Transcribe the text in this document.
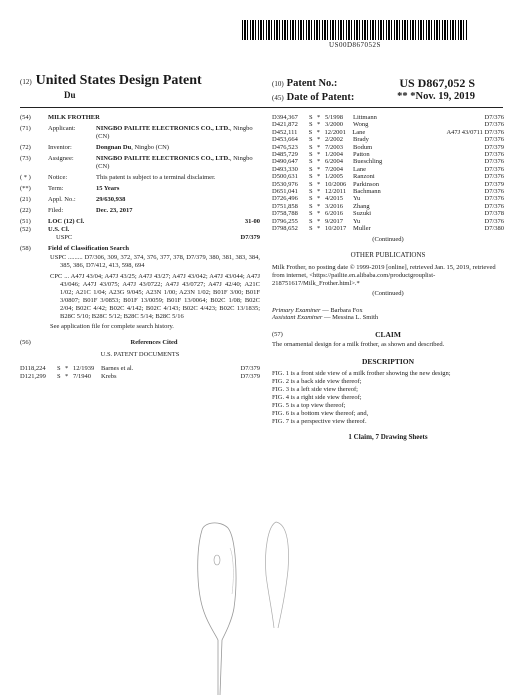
US00D867052S
(12) United States Design Patent
Du
(10) Patent No.:	US D867,052 S
(45) Date of Patent:	** *Nov. 19, 2019
(54)	MILK FROTHER
(71)	Applicant:	NINGBO PAILITE ELECTRONICS CO., LTD., Ningbo (CN)
(72)	Inventor:	Dongnan Du, Ningbo (CN)
(73)	Assignee:	NINGBO PAILITE ELECTRONICS CO., LTD., Ningbo (CN)
( * )	Notice:	This patent is subject to a terminal disclaimer.
(**)	Term:	15 Years
(21)	Appl. No.:	29/630,938
(22)	Filed:	Dec. 23, 2017
(51)	LOC (12) Cl.	31-00
(52)	U.S. Cl.
USPC	D7/379
(58)	Field of Classification Search
USPC ......... D7/306, 309, 372, 374, 376, 377, 378, D7/379, 380, 381, 383, 384, 385, 386, D7/412, 413, 598, 694
CPC ... A47J 43/04; A47J 43/25; A47J 43/27; A47J 43/042; A47J 43/044; A47J 43/046; A47J 43/075; A47J 43/0722; A47J 43/0727; A47J 42/40; A21C 1/02; A21C 1/04; A23G 9/045; A23N 1/00; A23N 1/02; B01F 3/00; B01F 3/0807; B01F 3/0853; B01F 13/0059; B01F 13/0064; B02C 1/08; B02C 2/04; B02C 4/42; B02C 4/142; B02C 4/143; B02C 4/423; B02C 13/1835; B28C 5/10; B28C 5/12; B28C 5/14; B28C 5/16
See application file for complete search history.
(56)	References Cited
U.S. PATENT DOCUMENTS
D118,224	S * 12/1939	Barnes et al.	D7/379
D121,299	S * 7/1940	Krebs	D7/379
D394,367	S * 5/1998	Littmann	D7/376
D421,872	S * 3/2000	Wong	D7/376
D452,111	S * 12/2001 Lane	A47J 43/0711 D7/376
D453,664	S * 2/2002	Brady	D7/376
D476,523	S * 7/2003	Bodum	D7/379
D485,729	S * 1/2004	Patton	D7/376
D490,647	S * 6/2004	Bueschling	D7/376
D493,330	S * 7/2004	Lane	D7/376
D500,631	S * 1/2005	Ranzoni	D7/376
D530,976	S * 10/2006	Parkinson	D7/379
D651,041	S * 12/2011	Bachmann	D7/376
D726,496	S * 4/2015	Yu	D7/376
D751,858	S * 3/2016	Zhang	D7/376
D758,788	S * 6/2016	Suzuki	D7/378
D796,255	S * 9/2017	Yu	D7/376
D798,652	S * 10/2017	Muller	D7/380
(Continued)
OTHER PUBLICATIONS
Milk Frother, no posting date © 1999-2019 [online], retrieved Jan. 15, 2019, retrieved from internet, <https://pailite.en.alibaba.com/productgrouplist-218751617/Milk_Frother.html>.*
(Continued)
Primary Examiner — Barbara Fox
Assistant Examiner — Messina L. Smith
(57)	CLAIM
The ornamental design for a milk frother, as shown and described.
DESCRIPTION
FIG. 1 is a front side view of a milk frother showing the new design;
FIG. 2 is a back side view thereof;
FIG. 3 is a left side view thereof;
FIG. 4 is a right side view thereof;
FIG. 5 is a top view thereof;
FIG. 6 is a bottom view thereof; and,
FIG. 7 is a perspective view thereof.
1 Claim, 7 Drawing Sheets
